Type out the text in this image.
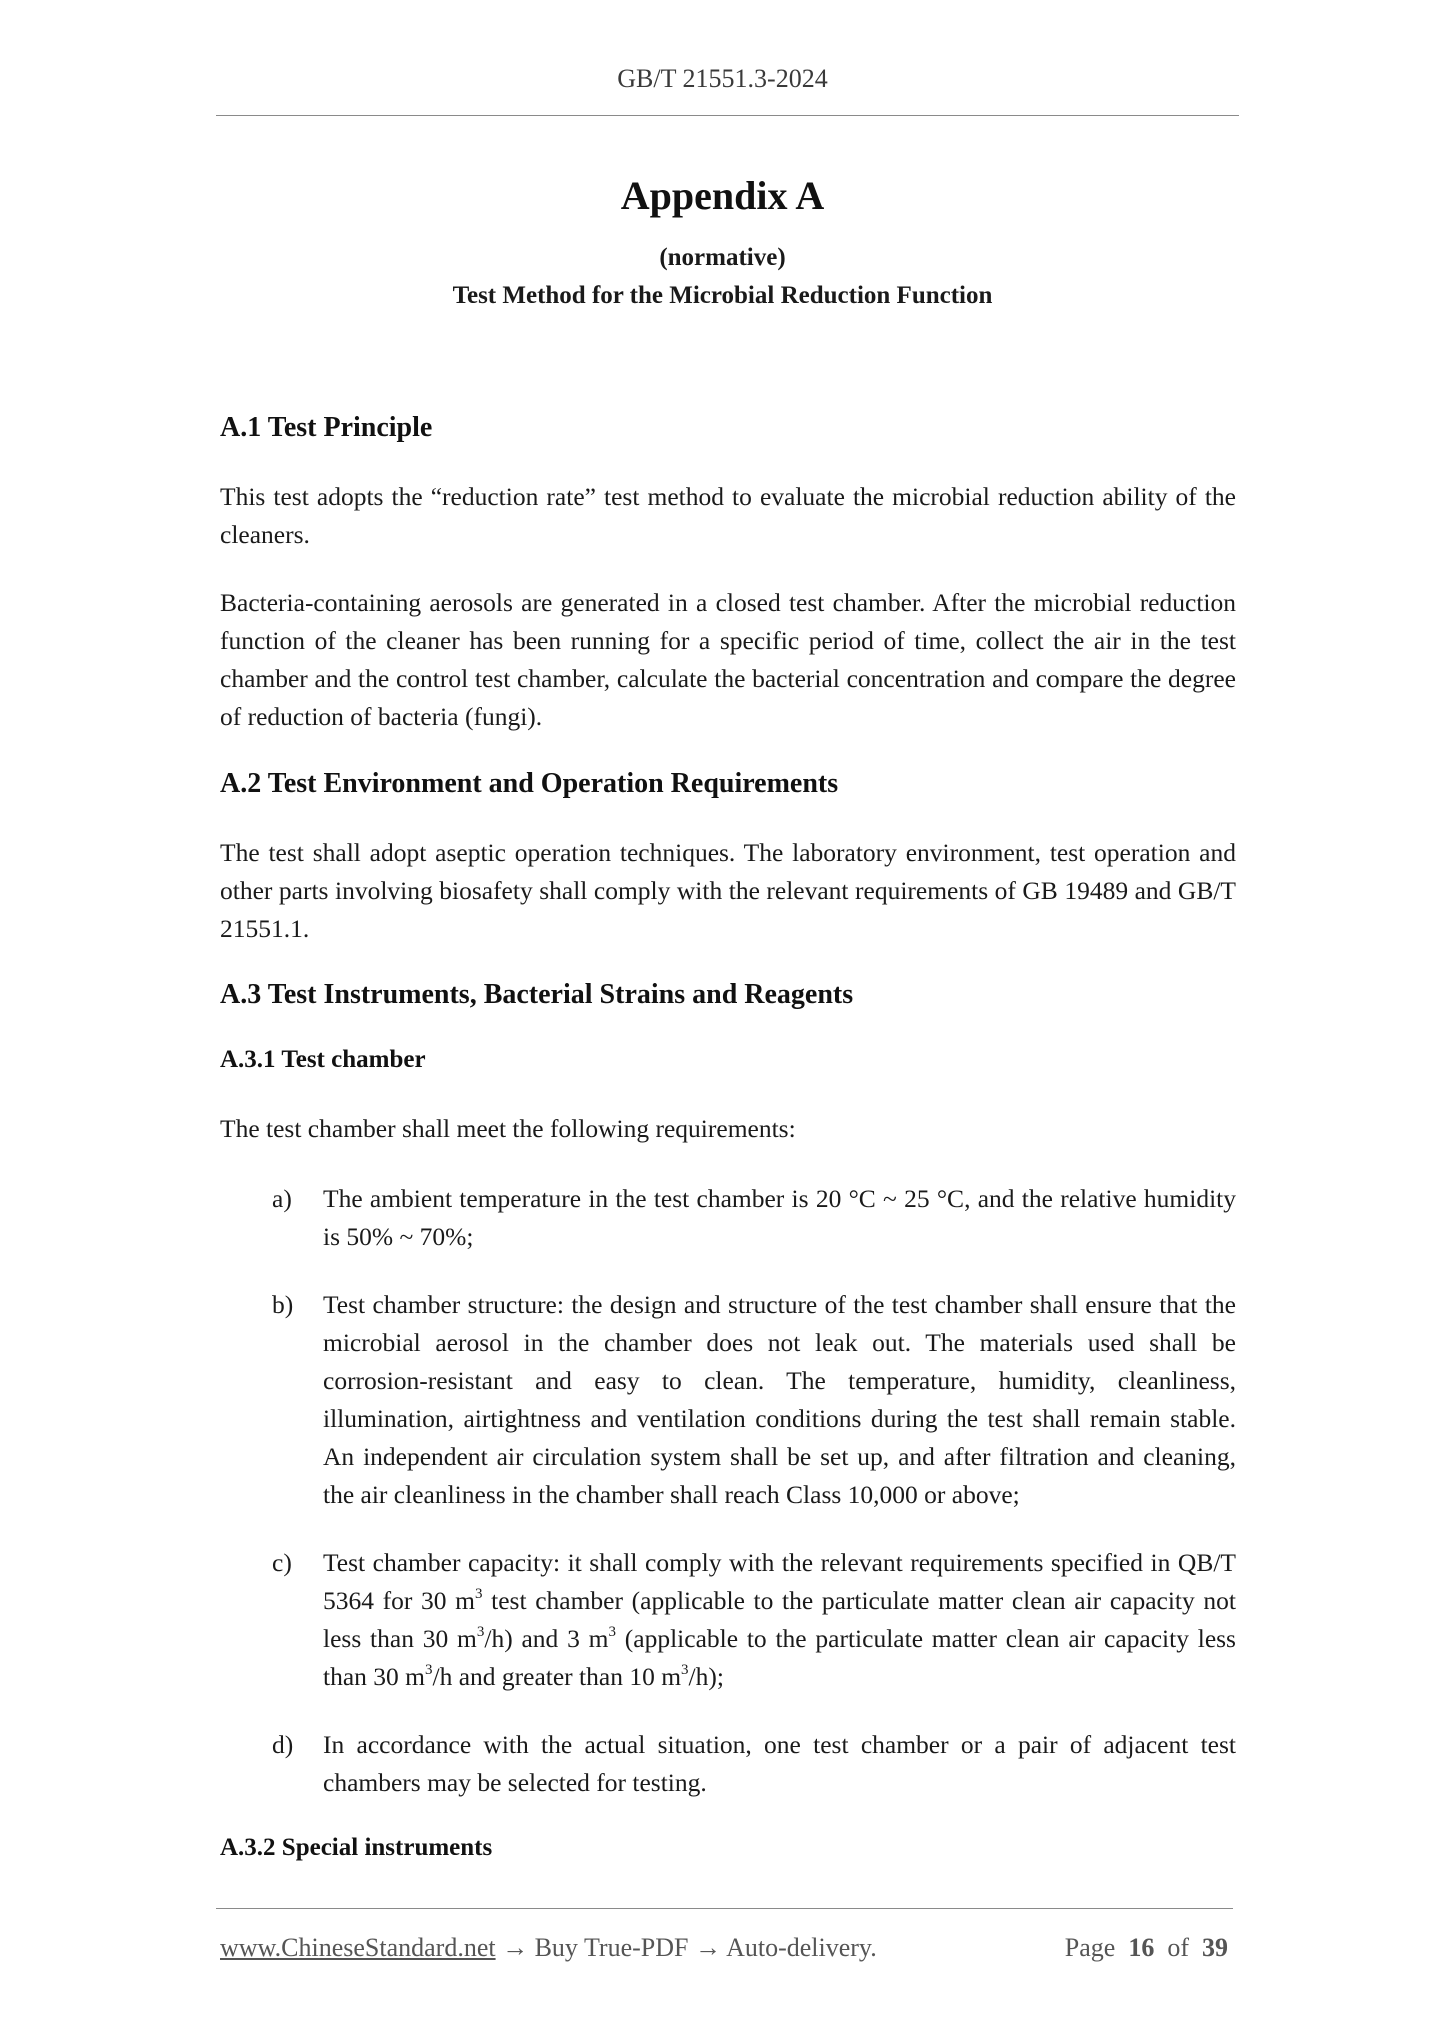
GB/T 21551.3-2024
Appendix A
(normative)
Test Method for the Microbial Reduction Function
A.1 Test Principle
This test adopts the “reduction rate” test method to evaluate the microbial reduction ability of the cleaners.
Bacteria-containing aerosols are generated in a closed test chamber. After the microbial reduction function of the cleaner has been running for a specific period of time, collect the air in the test chamber and the control test chamber, calculate the bacterial concentration and compare the degree of reduction of bacteria (fungi).
A.2 Test Environment and Operation Requirements
The test shall adopt aseptic operation techniques. The laboratory environment, test operation and other parts involving biosafety shall comply with the relevant requirements of GB 19489 and GB/T 21551.1.
A.3 Test Instruments, Bacterial Strains and Reagents
A.3.1 Test chamber
The test chamber shall meet the following requirements:
a) The ambient temperature in the test chamber is 20 °C ~ 25 °C, and the relative humidity is 50% ~ 70%;
b) Test chamber structure: the design and structure of the test chamber shall ensure that the microbial aerosol in the chamber does not leak out. The materials used shall be corrosion-resistant and easy to clean. The temperature, humidity, cleanliness, illumination, airtightness and ventilation conditions during the test shall remain stable. An independent air circulation system shall be set up, and after filtration and cleaning, the air cleanliness in the chamber shall reach Class 10,000 or above;
c) Test chamber capacity: it shall comply with the relevant requirements specified in QB/T 5364 for 30 $m^3$ test chamber (applicable to the particulate matter clean air capacity not less than 30 $m^3/h$) and 3 $m^3$ (applicable to the particulate matter clean air capacity less than 30 $m^3/h$ and greater than 10 $m^3/h$);
d) In accordance with the actual situation, one test chamber or a pair of adjacent test chambers may be selected for testing.
A.3.2 Special instruments
www.ChineseStandard.net → Buy True-PDF → Auto-delivery.	Page 16 of 39
